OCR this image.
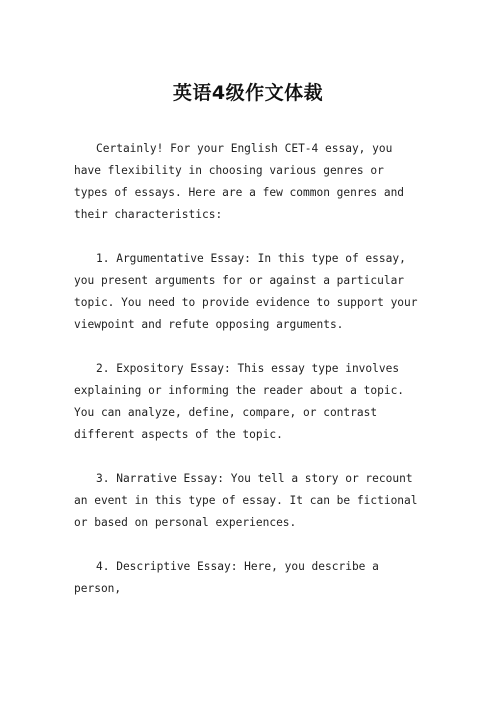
英语4级作文体裁

Certainly! For your English CET-4 essay, you have flexibility in choosing various genres or types of essays. Here are a few common genres and their characteristics:

1. Argumentative Essay: In this type of essay, you present arguments for or against a particular topic. You need to provide evidence to support your viewpoint and refute opposing arguments.

2. Expository Essay: This essay type involves explaining or informing the reader about a topic. You can analyze, define, compare, or contrast different aspects of the topic.

3. Narrative Essay: You tell a story or recount an event in this type of essay. It can be fictional or based on personal experiences.

4. Descriptive Essay: Here, you describe a person,
